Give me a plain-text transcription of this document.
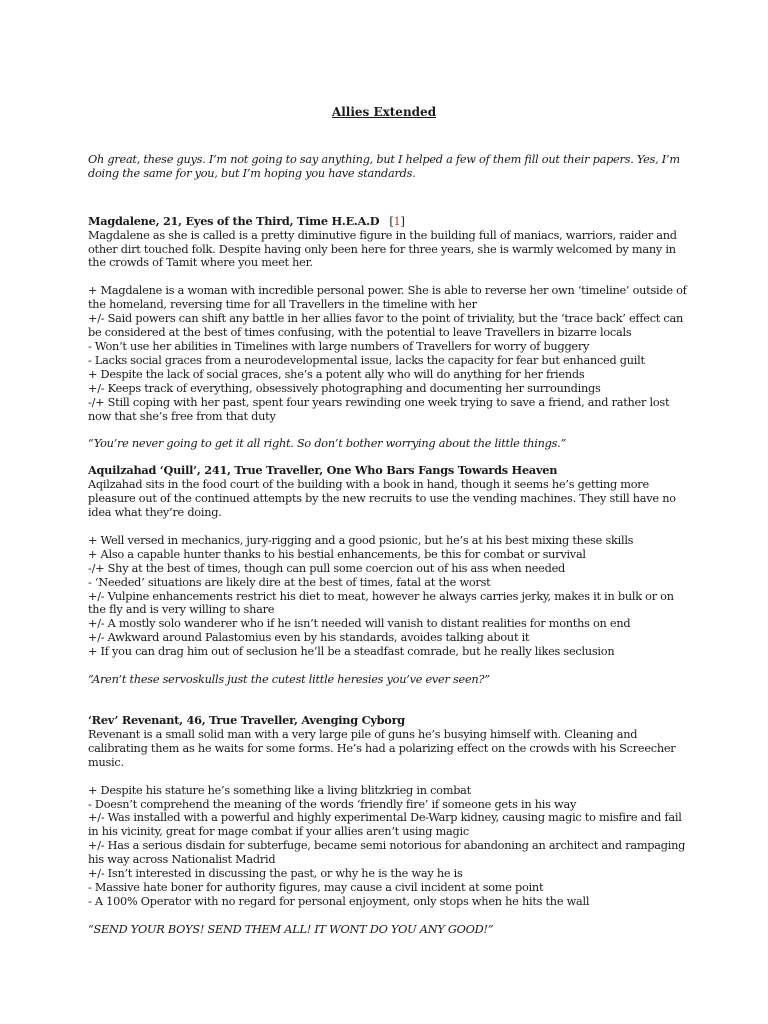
Allies Extended

Oh great, these guys. I’m not going to say anything, but I helped a few of them fill out their papers. Yes, I’m doing the same for you, but I’m hoping you have standards.

Magdalene, 21, Eyes of the Third, Time H.E.A.D [1]

Magdalene as she is called is a pretty diminutive figure in the building full of maniacs, warriors, raider and other dirt touched folk. Despite having only been here for three years, she is warmly welcomed by many in the crowds of Tamit where you meet her.

+ Magdalene is a woman with incredible personal power. She is able to reverse her own ‘timeline’ outside of the homeland, reversing time for all Travellers in the timeline with her
+/- Said powers can shift any battle in her allies favor to the point of triviality, but the ‘trace back’ effect can be considered at the best of times confusing, with the potential to leave Travellers in bizarre locals
- Won’t use her abilities in Timelines with large numbers of Travellers for worry of buggery
- Lacks social graces from a neurodevelopmental issue, lacks the capacity for fear but enhanced guilt
+ Despite the lack of social graces, she’s a potent ally who will do anything for her friends
+/- Keeps track of everything, obsessively photographing and documenting her surroundings
-/+ Still coping with her past, spent four years rewinding one week trying to save a friend, and rather lost now that she’s free from that duty

“You’re never going to get it all right. So don’t bother worrying about the little things.”

Aquilzahad ‘Quill’, 241, True Traveller, One Who Bars Fangs Towards Heaven

Aqilzahad sits in the food court of the building with a book in hand, though it seems he’s getting more pleasure out of the continued attempts by the new recruits to use the vending machines. They still have no idea what they’re doing.

+ Well versed in mechanics, jury-rigging and a good psionic, but he’s at his best mixing these skills
+ Also a capable hunter thanks to his bestial enhancements, be this for combat or survival
-/+ Shy at the best of times, though can pull some coercion out of his ass when needed
- ‘Needed’ situations are likely dire at the best of times, fatal at the worst
+/- Vulpine enhancements restrict his diet to meat, however he always carries jerky, makes it in bulk or on the fly and is very willing to share
+/- A mostly solo wanderer who if he isn’t needed will vanish to distant realities for months on end
+/- Awkward around Palastomius even by his standards, avoides talking about it
+ If you can drag him out of seclusion he’ll be a steadfast comrade, but he really likes seclusion

“Aren’t these servoskulls just the cutest little heresies you’ve ever seen?”

‘Rev’ Revenant, 46, True Traveller, Avenging Cyborg

Revenant is a small solid man with a very large pile of guns he’s busying himself with. Cleaning and calibrating them as he waits for some forms. He’s had a polarizing effect on the crowds with his Screecher music.

+ Despite his stature he’s something like a living blitzkrieg in combat
- Doesn’t comprehend the meaning of the words ‘friendly fire’ if someone gets in his way
+/- Was installed with a powerful and highly experimental De-Warp kidney, causing magic to misfire and fail in his vicinity, great for mage combat if your allies aren’t using magic
+/- Has a serious disdain for subterfuge, became semi notorious for abandoning an architect and rampaging his way across Nationalist Madrid
+/- Isn’t interested in discussing the past, or why he is the way he is
- Massive hate boner for authority figures, may cause a civil incident at some point
- A 100% Operator with no regard for personal enjoyment, only stops when he hits the wall

“SEND YOUR BOYS! SEND THEM ALL! IT WONT DO YOU ANY GOOD!”
